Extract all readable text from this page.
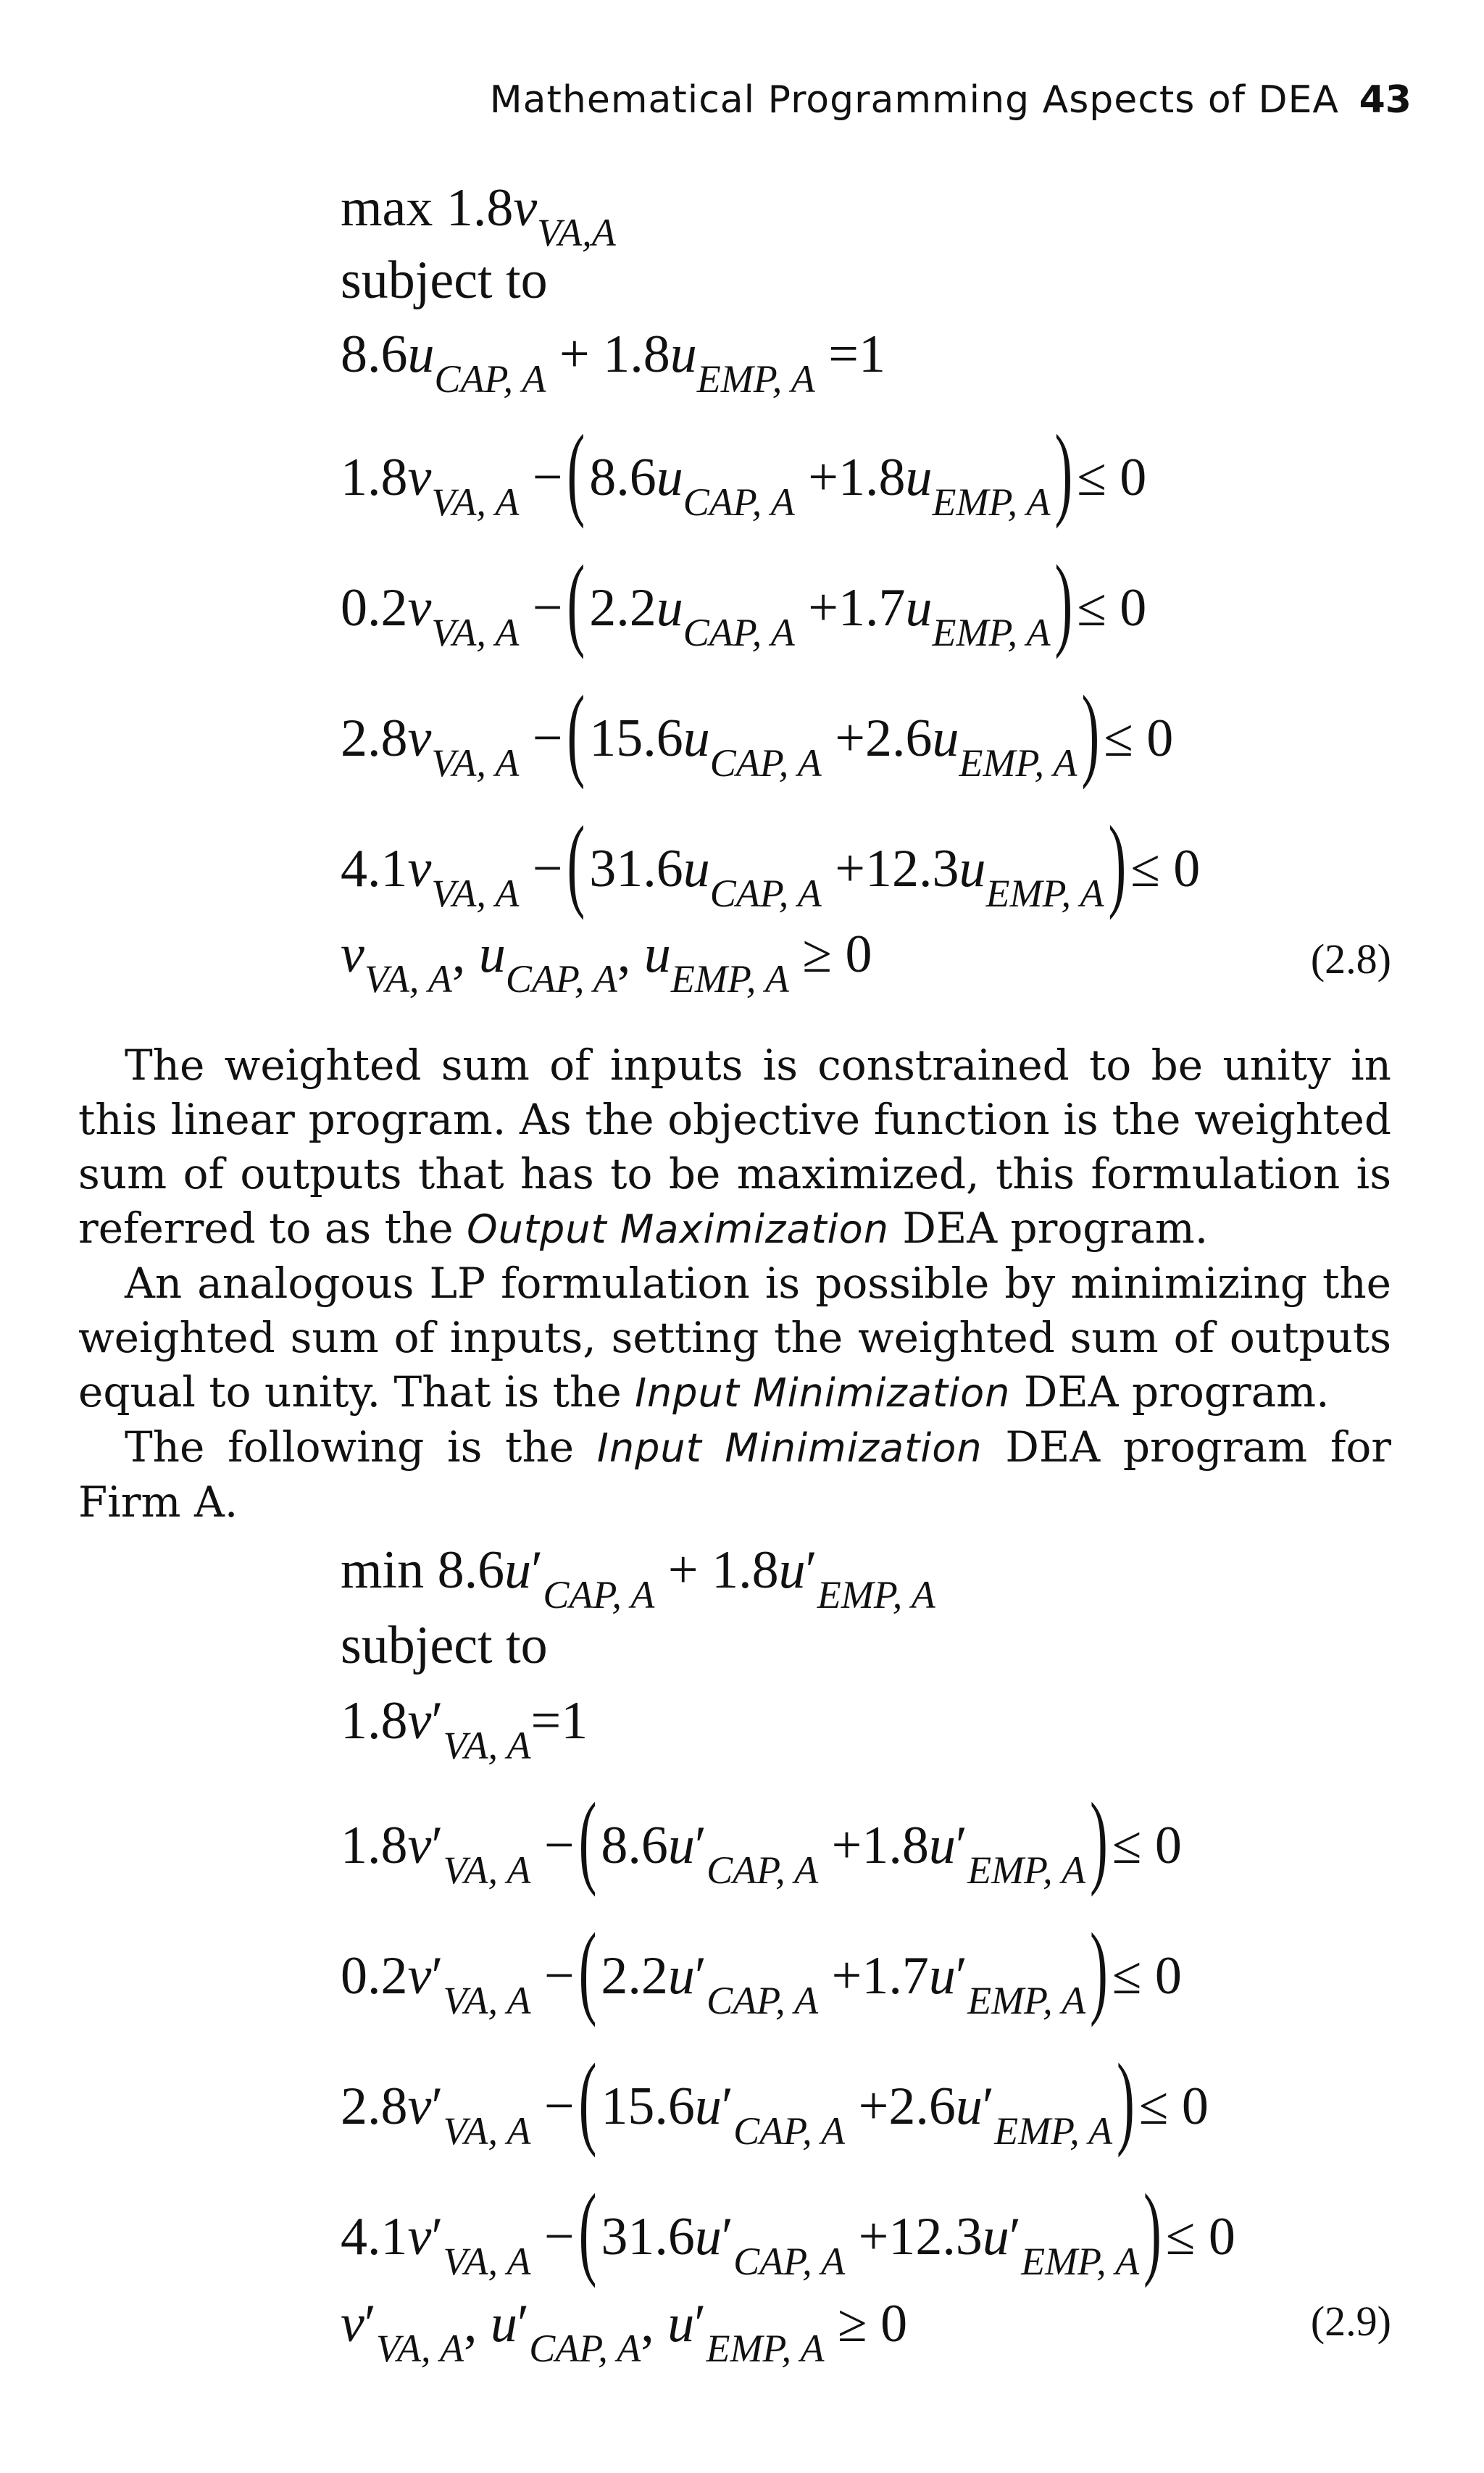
Mathematical Programming Aspects of DEA 43
$\max 1.8v_{VA,A}$
subject to
$8.6u_{CAP, A} + 1.8u_{EMP, A} =1$
$1.8v_{VA, A} -(8.6u_{CAP, A} +1.8u_{EMP, A})\le 0$
$0.2v_{VA, A} -(2.2u_{CAP, A} +1.7u_{EMP, A})\le 0$
$2.8v_{VA, A} -(15.6u_{CAP, A} +2.6u_{EMP, A})\le 0$
$4.1v_{VA, A} -(31.6u_{CAP, A} +12.3u_{EMP, A})\le 0$
$v_{VA, A}$, $u_{CAP, A}$, $u_{EMP, A} \ge 0$	(2.8)

The weighted sum of inputs is constrained to be unity in this linear program. As the objective function is the weighted sum of outputs that has to be maximized, this formulation is referred to as the Output Maximization DEA program.

An analogous LP formulation is possible by minimizing the weighted sum of inputs, setting the weighted sum of outputs equal to unity. That is the Input Minimization DEA program.

The following is the Input Minimization DEA program for Firm A.

$\min 8.6u'_{CAP, A} + 1.8u'_{EMP, A}$
subject to
$1.8v'_{VA, A}=1$
$1.8v'_{VA, A} -(8.6u'_{CAP, A} +1.8u'_{EMP, A})\le 0$
$0.2v'_{VA, A} -(2.2u'_{CAP, A} +1.7u'_{EMP, A})\le 0$
$2.8v'_{VA, A} -(15.6u'_{CAP, A} +2.6u'_{EMP, A})\le 0$
$4.1v'_{VA, A} -(31.6u'_{CAP, A} +12.3u'_{EMP, A})\le 0$
$v'_{VA, A}$, $u'_{CAP, A}$, $u'_{EMP, A} \ge 0$	(2.9)
